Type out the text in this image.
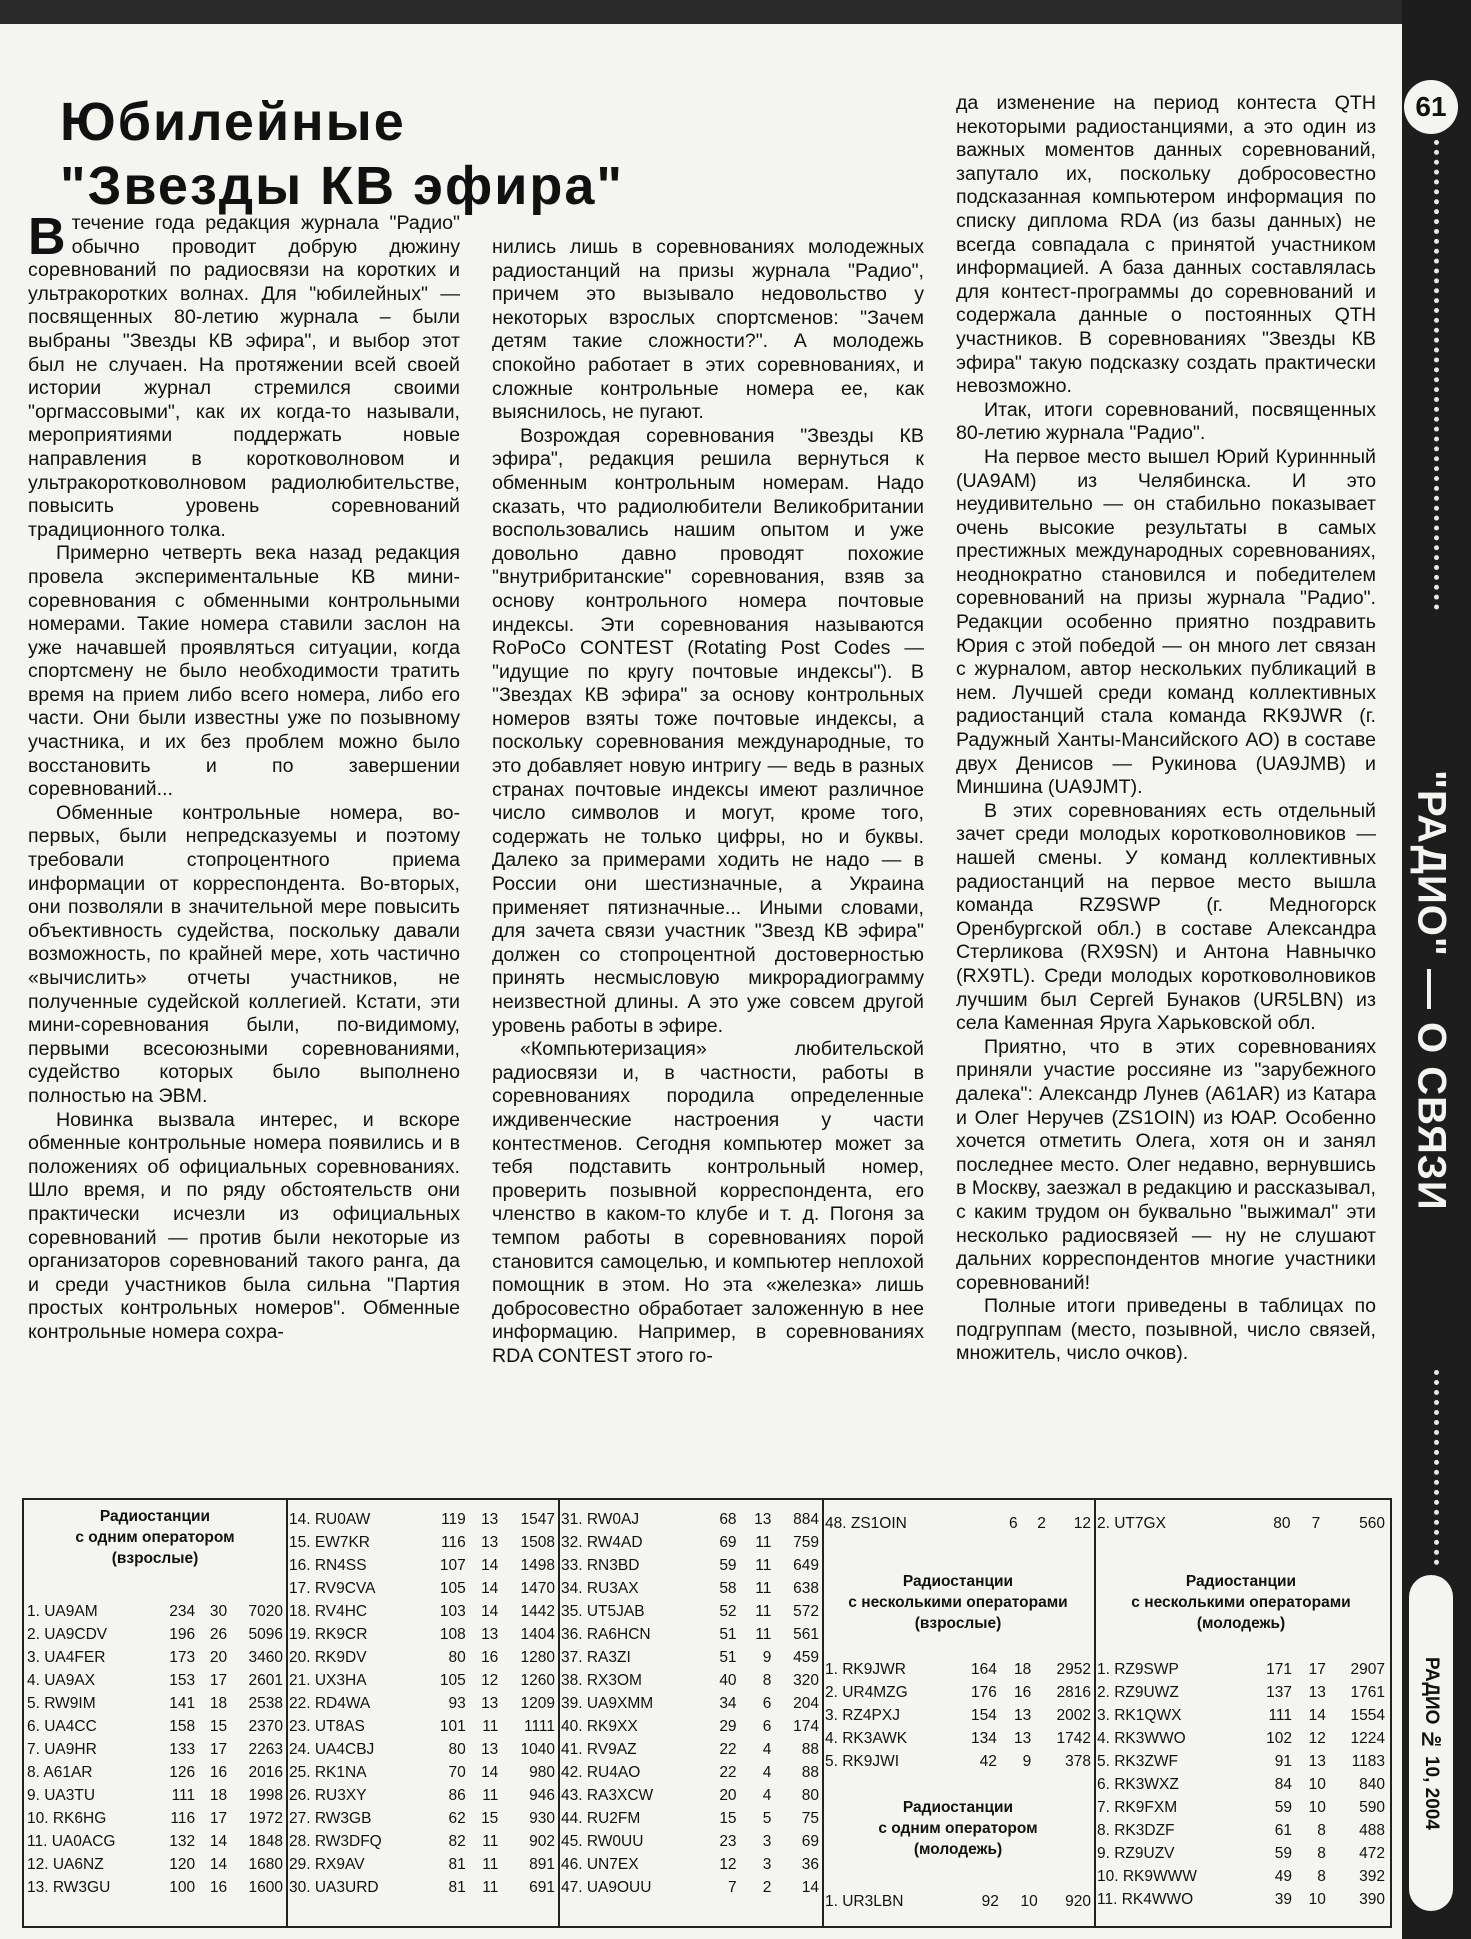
61
"РАДИО" — О СВЯЗИ
РАДИО № 10, 2004
Юбилейные
"Звезды КВ эфира"

Втечение года редакция журнала "Радио" обычно проводит добрую дюжину соревнований по радиосвязи на коротких и ультракоротких волнах. Для "юбилейных" — посвященных 80-летию журнала – были выбраны "Звезды КВ эфира", и выбор этот был не случаен. На протяжении всей своей истории журнал стремился своими "оргмассовыми", как их когда-то называли, мероприятиями поддержать новые направления в коротковолновом и ультракоротковолновом радиолюбительстве, повысить уровень соревнований традиционного толка.

Примерно четверть века назад редакция провела экспериментальные КВ мини-соревнования с обменными контрольными номерами. Такие номера ставили заслон на уже начавшей проявляться ситуации, когда спортсмену не было необходимости тратить время на прием либо всего номера, либо его части. Они были известны уже по позывному участника, и их без проблем можно было восстановить и по завершении соревнований...

Обменные контрольные номера, во-первых, были непредсказуемы и поэтому требовали стопроцентного приема информации от корреспондента. Во-вторых, они позволяли в значительной мере повысить объективность судейства, поскольку давали возможность, по крайней мере, хоть частично «вычислить» отчеты участников, не полученные судейской коллегией. Кстати, эти мини-соревнования были, по-видимому, первыми всесоюзными соревнованиями, судейство которых было выполнено полностью на ЭВМ.

Новинка вызвала интерес, и вскоре обменные контрольные номера появились и в положениях об официальных соревнованиях. Шло время, и по ряду обстоятельств они практически исчезли из официальных соревнований — против были некоторые из организаторов соревнований такого ранга, да и среди участников была сильна "Партия простых контрольных номеров". Обменные контрольные номера сохра-

нились лишь в соревнованиях молодежных радиостанций на призы журнала "Радио", причем это вызывало недовольство у некоторых взрослых спортсменов: "Зачем детям такие сложности?". А молодежь спокойно работает в этих соревнованиях, и сложные контрольные номера ее, как выяснилось, не пугают.

Возрождая соревнования "Звезды КВ эфира", редакция решила вернуться к обменным контрольным номерам. Надо сказать, что радиолюбители Великобритании воспользовались нашим опытом и уже довольно давно проводят похожие "внутрибританские" соревнования, взяв за основу контрольного номера почтовые индексы. Эти соревнования называются RoPoCo CONTEST (Rotating Post Codes — "идущие по кругу почтовые индексы"). В "Звездах КВ эфира" за основу контрольных номеров взяты тоже почтовые индексы, а поскольку соревнования международные, то это добавляет новую интригу — ведь в разных странах почтовые индексы имеют различное число символов и могут, кроме того, содержать не только цифры, но и буквы. Далеко за примерами ходить не надо — в России они шестизначные, а Украина применяет пятизначные... Иными словами, для зачета связи участник "Звезд КВ эфира" должен со стопроцентной достоверностью принять несмысловую микрорадиограмму неизвестной длины. А это уже совсем другой уровень работы в эфире.

«Компьютеризация» любительской радиосвязи и, в частности, работы в соревнованиях породила определенные иждивенческие настроения у части контестменов. Сегодня компьютер может за тебя подставить контрольный номер, проверить позывной корреспондента, его членство в каком-то клубе и т. д. Погоня за темпом работы в соревнованиях порой становится самоцелью, и компьютер неплохой помощник в этом. Но эта «железка» лишь добросовестно обработает заложенную в нее информацию. Например, в соревнованиях RDA CONTEST этого го-

да изменение на период контеста QTH некоторыми радиостанциями, а это один из важных моментов данных соревнований, запутало их, поскольку добросовестно подсказанная компьютером информация по списку диплома RDA (из базы данных) не всегда совпадала с принятой участником информацией. А база данных составлялась для контест-программы до соревнований и содержала данные о постоянных QTH участников. В соревнованиях "Звезды КВ эфира" такую подсказку создать практически невозможно.

Итак, итоги соревнований, посвященных 80-летию журнала "Радио".

На первое место вышел Юрий Куриннный (UA9AM) из Челябинска. И это неудивительно — он стабильно показывает очень высокие результаты в самых престижных международных соревнованиях, неоднократно становился и победителем соревнований на призы журнала "Радио". Редакции особенно приятно поздравить Юрия с этой победой — он много лет связан с журналом, автор нескольких публикаций в нем. Лучшей среди команд коллективных радиостанций стала команда RK9JWR (г. Радужный Ханты-Мансийского АО) в составе двух Денисов — Рукинова (UA9JMB) и Миншина (UA9JMT).

В этих соревнованиях есть отдельный зачет среди молодых коротковолновиков — нашей смены. У команд коллективных радиостанций на первое место вышла команда RZ9SWP (г. Медногорск Оренбургской обл.) в составе Александра Стерликова (RX9SN) и Антона Навнычко (RX9TL). Среди молодых коротковолновиков лучшим был Сергей Бунаков (UR5LBN) из села Каменная Яруга Харьковской обл.

Приятно, что в этих соревнованиях приняли участие россияне из "зарубежного далека": Александр Лунев (A61AR) из Катара и Олег Неручев (ZS1OIN) из ЮАР. Особенно хочется отметить Олега, хотя он и занял последнее место. Олег недавно, вернувшись в Москву, заезжал в редакцию и рассказывал, с каким трудом он буквально "выжимал" эти несколько радиосвязей — ну не слушают дальних корреспондентов многие участники соревнований!

Полные итоги приведены в таблицах по подгруппам (место, позывной, число связей, множитель, число очков).

Радиостанции
с одним оператором
(взрослые)
1. UA9AM	234	30	7020
2. UA9CDV	196	26	5096
3. UA4FER	173	20	3460
4. UA9AX	153	17	2601
5. RW9IM	141	18	2538
6. UA4CC	158	15	2370
7. UA9HR	133	17	2263
8. A61AR	126	16	2016
9. UA3TU	111	18	1998
10. RK6HG	116	17	1972
11. UA0ACG	132	14	1848
12. UA6NZ	120	14	1680
13. RW3GU	100	16	1600
14. RU0AW	119	13	1547
15. EW7KR	116	13	1508
16. RN4SS	107	14	1498
17. RV9CVA	105	14	1470
18. RV4HC	103	14	1442
19. RK9CR	108	13	1404
20. RK9DV	80	16	1280
21. UX3HA	105	12	1260
22. RD4WA	93	13	1209
23. UT8AS	101	11	1111
24. UA4CBJ	80	13	1040
25. RK1NA	70	14	980
26. RU3XY	86	11	946
27. RW3GB	62	15	930
28. RW3DFQ	82	11	902
29. RX9AV	81	11	891
30. UA3URD	81	11	691
31. RW0AJ	68	13	884
32. RW4AD	69	11	759
33. RN3BD	59	11	649
34. RU3AX	58	11	638
35. UT5JAB	52	11	572
36. RA6HCN	51	11	561
37. RA3ZI	51	9	459
38. RX3OM	40	8	320
39. UA9XMM	34	6	204
40. RK9XX	29	6	174
41. RV9AZ	22	4	88
42. RU4AO	22	4	88
43. RA3XCW	20	4	80
44. RU2FM	15	5	75
45. RW0UU	23	3	69
46. UN7EX	12	3	36
47. UA9OUU	7	2	14
48. ZS1OIN	6	2	12
Радиостанции
с несколькими операторами
(взрослые)
1. RK9JWR	164	18	2952
2. UR4MZG	176	16	2816
3. RZ4PXJ	154	13	2002
4. RK3AWK	134	13	1742
5. RK9JWI	42	9	378
Радиостанции
с одним оператором
(молодежь)
1. UR3LBN	92	10	920
2. UT7GX	80	7	560
Радиостанции
с несколькими операторами
(молодежь)
1. RZ9SWP	171	17	2907
2. RZ9UWZ	137	13	1761
3. RK1QWX	111	14	1554
4. RK3WWO	102	12	1224
5. RK3ZWF	91	13	1183
6. RK3WXZ	84	10	840
7. RK9FXM	59	10	590
8. RK3DZF	61	8	488
9. RZ9UZV	59	8	472
10. RK9WWW	49	8	392
11. RK4WWO	39	10	390
